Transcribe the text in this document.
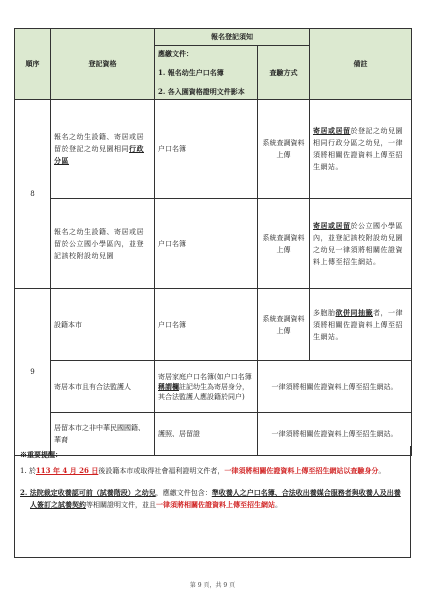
順序	登記資格	報名登記須知		備註

		應繳文件：
1. 報名幼生户口名簿
2. 各入園資格證明文件影本	查驗方式	

8	報名之幼生設籍、寄居或居留於登記之幼兒園相同行政分區	户口名簿	系統查調資料上傳	寄居或居留於登記之幼兒園相同行政分區之幼兒，一律須將相關佐證資料上傳至招生網站。
	報名之幼生設籍、寄居或居留於公立國小學區內，並登記該校附設幼兒園	户口名簿	系統查調資料上傳	寄居或居留於公立國小學區內，並登記該校附設幼兒園之幼兒一律須將相關佐證資料上傳至招生網站。
9	設籍本市	户口名簿	系統查調資料上傳	多胞胎欲併同抽籤者，一律須將相關佐證資料上傳至招生網站。
	寄居本市且有合法監護人	寄居家庭户口名簿(如户口名簿稱謂欄註記幼生為寄居身分，其合法監護人應設籍於同户)	一律須將相關佐證資料上傳至招生網站。	
	居留本市之非中華民國國籍、華裔	護照、居留證	一律須將相關佐證資料上傳至招生網站。	
※重要提醒：
1. 於113 年 4 月 26 日後設籍本市或取得社會福利證明文件者，一律須將相關佐證資料上傳至招生網站以查驗身分。
2. 法院裁定收養認可前（試養階段）之幼兒，應繳文件包含：準收養人之户口名簿、合法收出養媒合服務者與收養人及出養人簽訂之試養契約等相關證明文件，並且一律須將相關佐證資料上傳至招生網站。
第 9 頁，共 9 頁
